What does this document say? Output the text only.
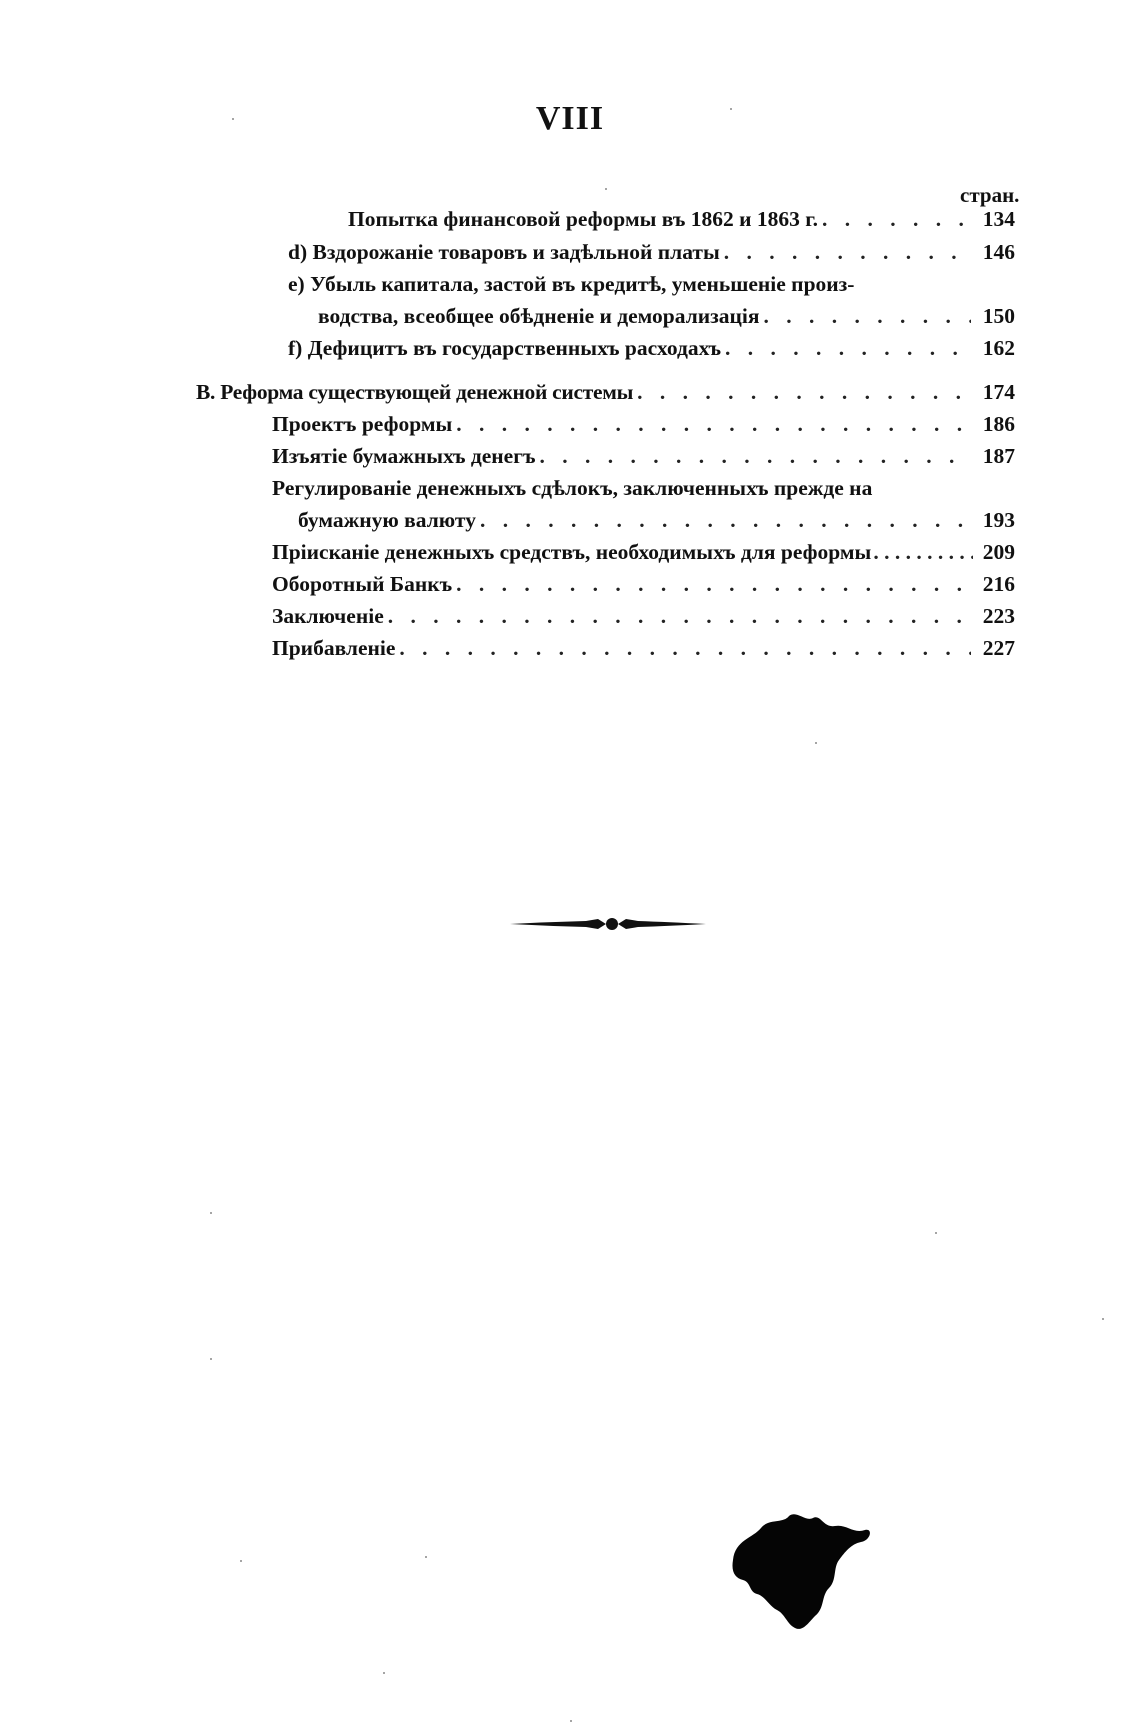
VIII
стран.
Попытка финансовой реформы въ 1862 и 1863 г. . . .	134
d) Вздорожаніе товаровъ и задѣльной платы . . .	146
e) Убыль капитала, застой въ кредитѣ, уменьшеніе произ-
водства, всеобщее обѣдненіе и деморализація . . .	150
f) Дефицитъ въ государственныхъ расходахъ . . .	162
B. Реформа существующей денежной системы . . .	174
Проектъ реформы . . .	186
Изъятіе бумажныхъ денегъ . . .	187
Регулированіе денежныхъ сдѣлокъ, заключенныхъ прежде на
бумажную валюту . . .	193
Пріисканіе денежныхъ средствъ, необходимыхъ для реформы . . .	209
Оборотный Банкъ . . .	216
Заключеніе . . .	223
Прибавленіе . . .	227
